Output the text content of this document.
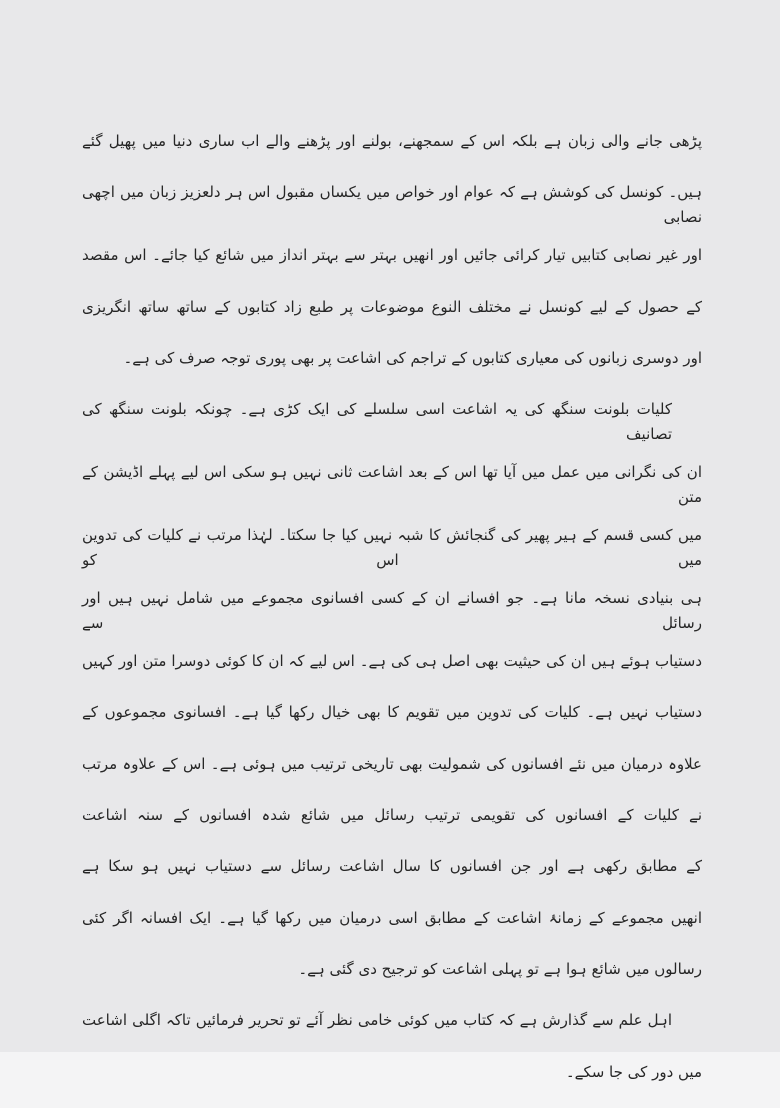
پڑھی جانے والی زبان ہے بلکہ اس کے سمجھنے، بولنے اور پڑھنے والے اب ساری دنیا میں پھیل گئے
ہیں۔ کونسل کی کوشش ہے کہ عوام اور خواص میں یکساں مقبول اس ہر دلعزیز زبان میں اچھی نصابی
اور غیر نصابی کتابیں تیار کرائی جائیں اور انھیں بہتر سے بہتر انداز میں شائع کیا جائے۔ اس مقصد
کے حصول کے لیے کونسل نے مختلف النوع موضوعات پر طبع زاد کتابوں کے ساتھ ساتھ انگریزی
اور دوسری زبانوں کی معیاری کتابوں کے تراجم کی اشاعت پر بھی پوری توجہ صرف کی ہے۔
کلیات بلونت سنگھ کی یہ اشاعت اسی سلسلے کی ایک کڑی ہے۔ چونکہ بلونت سنگھ کی تصانیف
ان کی نگرانی میں عمل میں آیا تھا اس کے بعد اشاعت ثانی نہیں ہو سکی اس لیے پہلے اڈیشن کے متن
میں کسی قسم کے ہیر پھیر کی گنجائش کا شبہ نہیں کیا جا سکتا۔ لہٰذا مرتب نے کلیات کی تدوین میں اس کو
ہی بنیادی نسخہ مانا ہے۔ جو افسانے ان کے کسی افسانوی مجموعے میں شامل نہیں ہیں اور رسائل سے
دستیاب ہوئے ہیں ان کی حیثیت بھی اصل ہی کی ہے۔ اس لیے کہ ان کا کوئی دوسرا متن اور کہیں
دستیاب نہیں ہے۔ کلیات کی تدوین میں تقویم کا بھی خیال رکھا گیا ہے۔ افسانوی مجموعوں کے
علاوہ درمیان میں نئے افسانوں کی شمولیت بھی تاریخی ترتیب میں ہوئی ہے۔ اس کے علاوہ مرتب
نے کلیات کے افسانوں کی تقویمی ترتیب رسائل میں شائع شدہ افسانوں کے سنہ اشاعت
کے مطابق رکھی ہے اور جن افسانوں کا سال اشاعت رسائل سے دستیاب نہیں ہو سکا ہے
انھیں مجموعے کے زمانۂ اشاعت کے مطابق اسی درمیان میں رکھا گیا ہے۔ ایک افسانہ اگر کئی
رسالوں میں شائع ہوا ہے تو پہلی اشاعت کو ترجیح دی گئی ہے۔
اہل علم سے گذارش ہے کہ کتاب میں کوئی خامی نظر آئے تو تحریر فرمائیں تاکہ اگلی اشاعت
میں دور کی جا سکے۔
